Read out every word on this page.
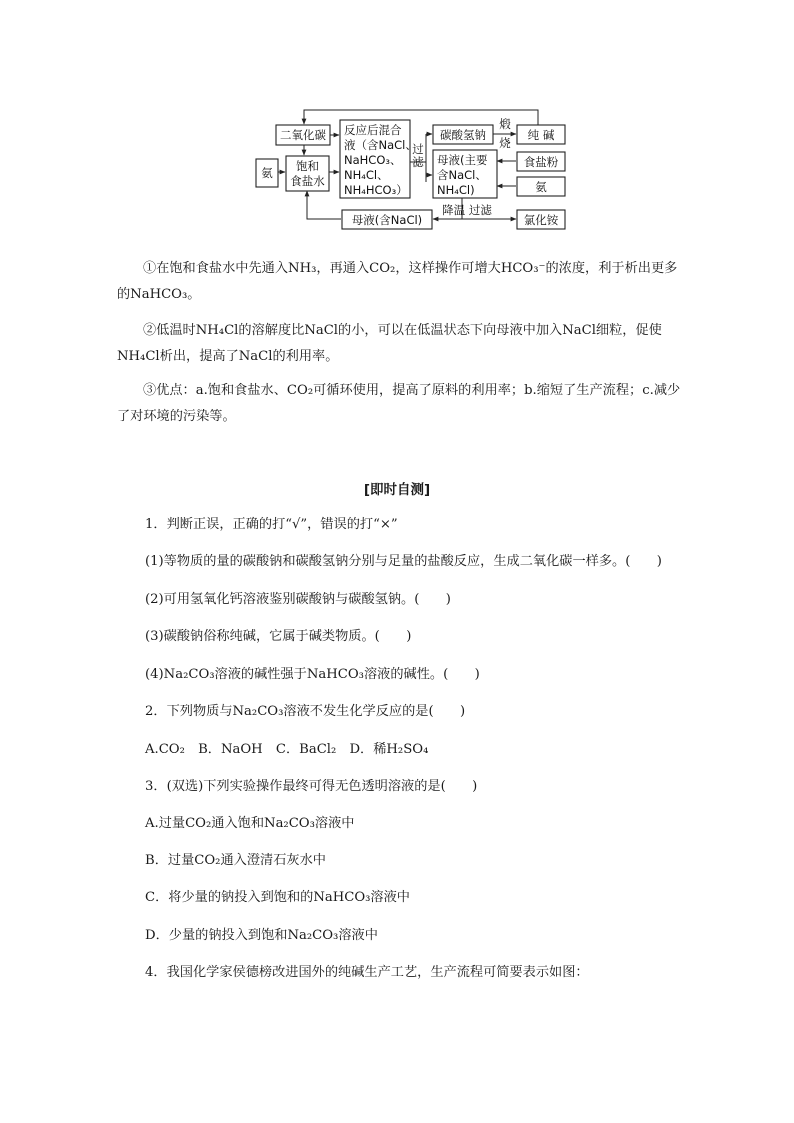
氨
二氧化碳
饱和
食盐水
反应后混合
液（含NaCl、
NaHCO₃、
NH₄Cl、
NH₄HCO₃）
碳酸氢钠
母液(主要
含NaCl、
NH₄Cl)
纯 碱
食盐粉
氨
母液(含NaCl)	氯化铵
过
滤
煅
烧
降温 过滤

①在饱和食盐水中先通入NH₃，再通入CO₂，这样操作可增大HCO₃⁻的浓度，利于析出更多的NaHCO₃。

②低温时NH₄Cl的溶解度比NaCl的小，可以在低温状态下向母液中加入NaCl细粒，促使NH₄Cl析出，提高了NaCl的利用率。

③优点：a.饱和食盐水、CO₂可循环使用，提高了原料的利用率；b.缩短了生产流程；c.减少了对环境的污染等。

[即时自测]

1．判断正误，正确的打“√”，错误的打“×”

(1)等物质的量的碳酸钠和碳酸氢钠分别与足量的盐酸反应，生成二氧化碳一样多。(　　)

(2)可用氢氧化钙溶液鉴别碳酸钠与碳酸氢钠。(　　)

(3)碳酸钠俗称纯碱，它属于碱类物质。(　　)

(4)Na₂CO₃溶液的碱性强于NaHCO₃溶液的碱性。(　　)

2．下列物质与Na₂CO₃溶液不发生化学反应的是(　　)

A.CO₂　B．NaOH　C．BaCl₂　D．稀H₂SO₄

3．(双选)下列实验操作最终可得无色透明溶液的是(　　)

A.过量CO₂通入饱和Na₂CO₃溶液中

B．过量CO₂通入澄清石灰水中

C．将少量的钠投入到饱和的NaHCO₃溶液中

D．少量的钠投入到饱和Na₂CO₃溶液中

4．我国化学家侯德榜改进国外的纯碱生产工艺，生产流程可简要表示如图：
